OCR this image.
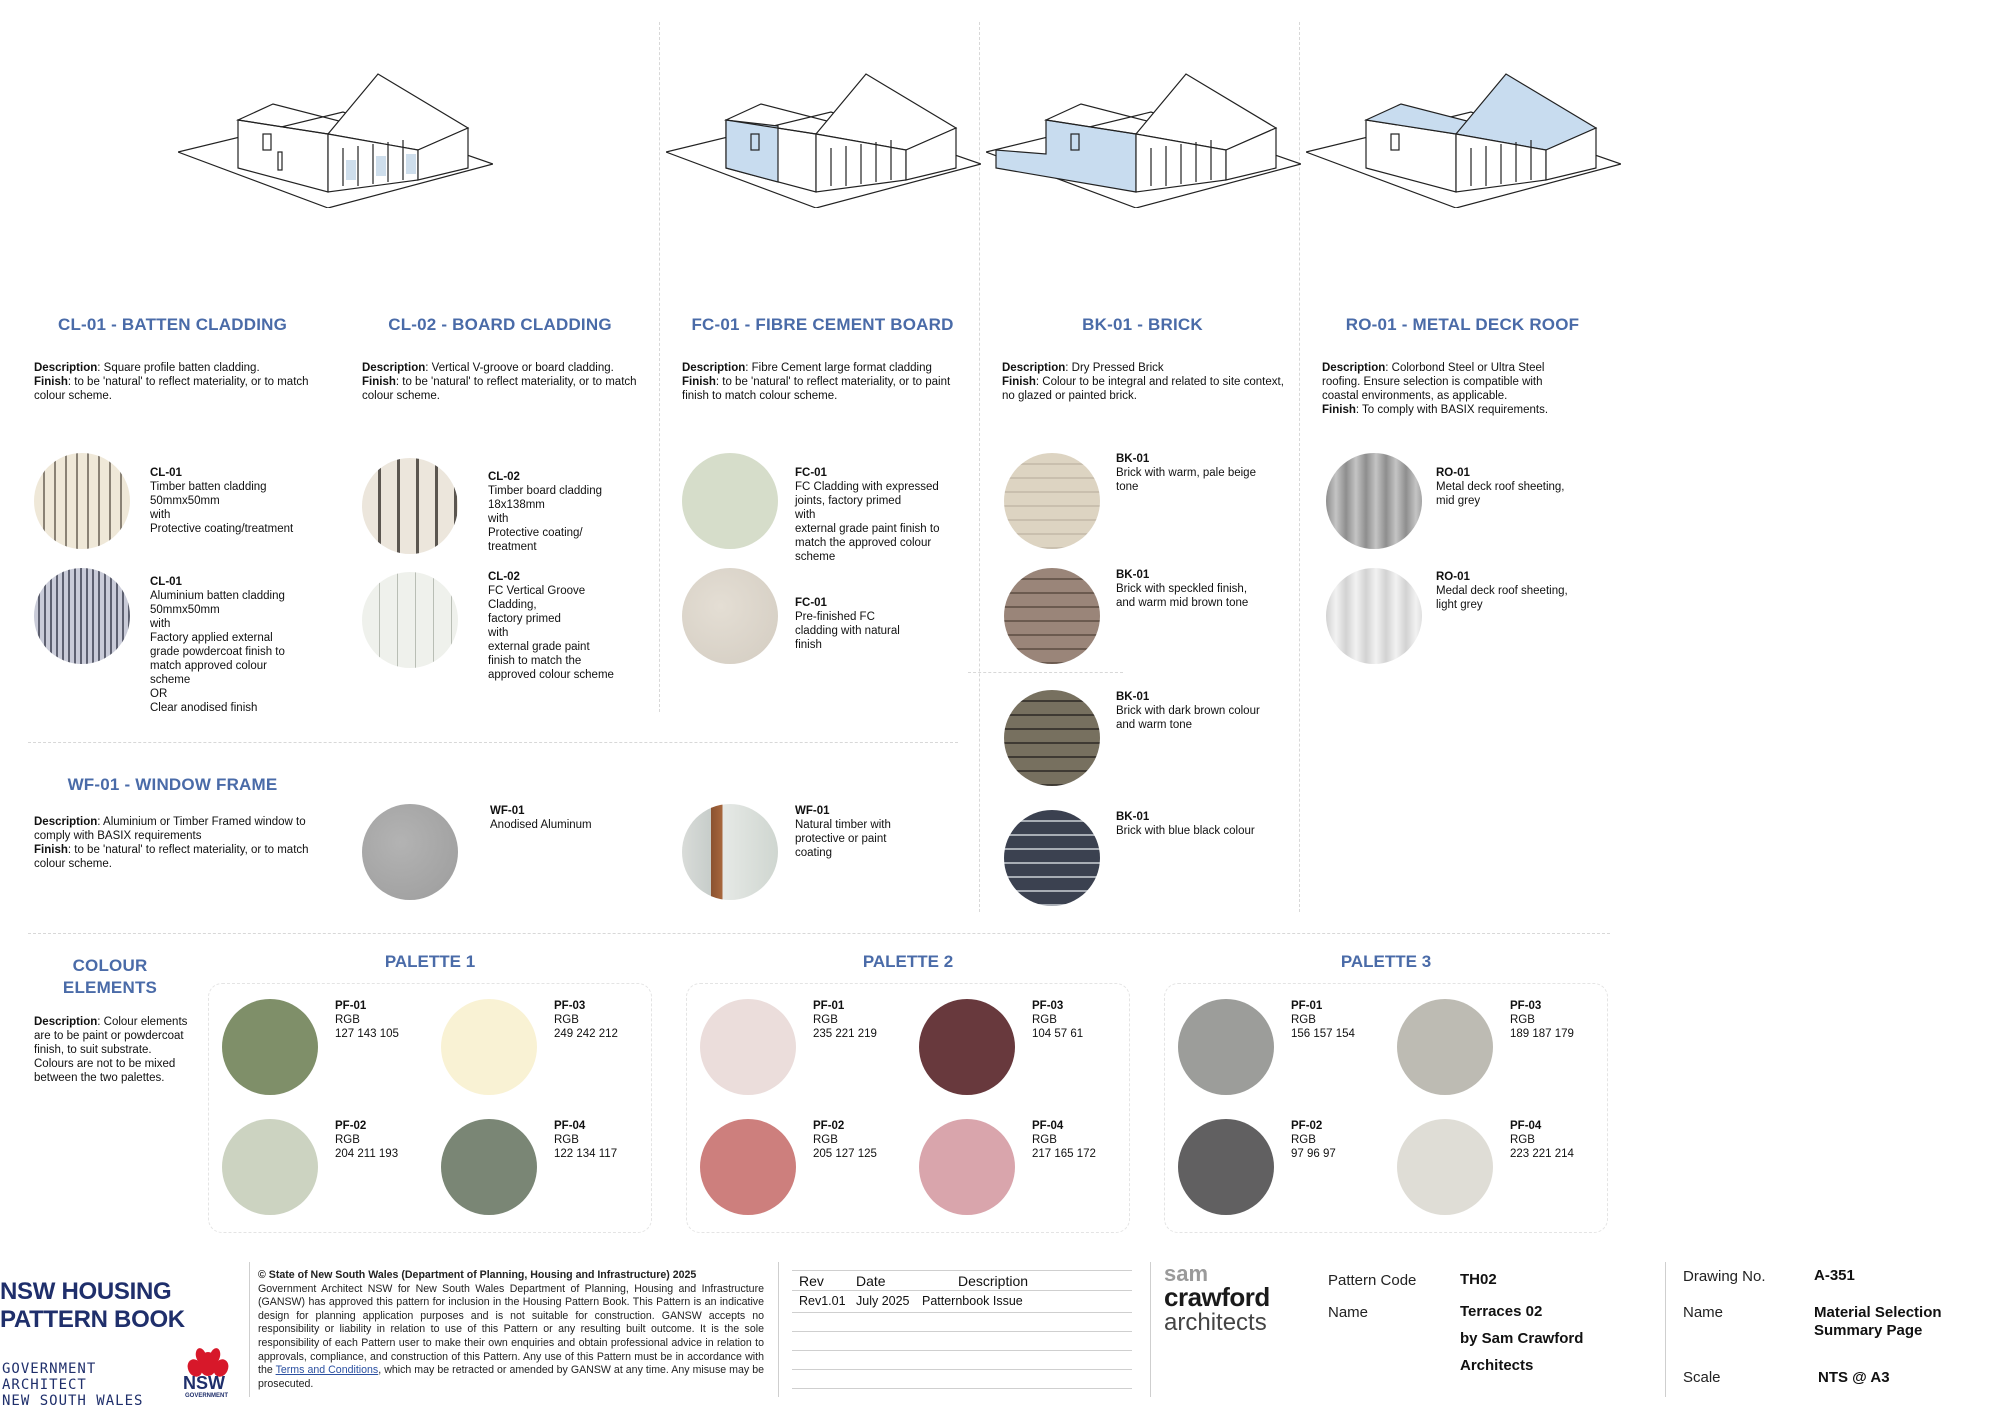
CL-01 - BATTEN CLADDING	CL-02 - BOARD CLADDING	FC-01 - FIBRE CEMENT BOARD	BK-01 - BRICK	RO-01 - METAL DECK ROOF
Description: Square profile batten cladding.
Finish: to be 'natural' to reflect materiality, or to match colour scheme.
Description: Vertical V-groove or board cladding.
Finish: to be 'natural' to reflect materiality, or to match colour scheme.
Description: Fibre Cement large format cladding
Finish: to be 'natural' to reflect materiality, or to paint finish to match colour scheme.
Description: Dry Pressed Brick
Finish: Colour to be integral and related to site context, no glazed or painted brick.
Description: Colorbond Steel or Ultra Steel roofing. Ensure selection is compatible with coastal environments, as applicable.
Finish: To comply with BASIX requirements.
CL-01
Timber batten cladding
50mmx50mm
with
Protective coating/treatment
CL-01
Aluminium batten cladding
50mmx50mm
with
Factory applied external
grade powdercoat finish to
match approved colour
scheme
OR
Clear anodised finish
CL-02
Timber board cladding
18x138mm
with
Protective coating/
treatment
CL-02
FC Vertical Groove
Cladding,
factory primed
with
external grade paint
finish to match the
approved colour scheme
FC-01
FC Cladding with expressed
joints, factory primed
with
external grade paint finish to
match the approved colour
scheme
FC-01
Pre-finished FC
cladding with natural
finish
BK-01
Brick with warm, pale beige
tone
BK-01
Brick with speckled finish,
and warm mid brown tone
BK-01
Brick with dark brown colour
and warm tone
BK-01
Brick with blue black colour
RO-01
Metal deck roof sheeting,
mid grey
RO-01
Medal deck roof sheeting,
light grey
WF-01 - WINDOW FRAME
Description: Aluminium or Timber Framed window to comply with BASIX requirements
Finish: to be 'natural' to reflect materiality, or to match colour scheme.
WF-01
Anodised Aluminum
WF-01
Natural timber with
protective or paint
coating
COLOUR
ELEMENTS
Description: Colour elements are to be paint or powdercoat finish, to suit substrate. Colours are not to be mixed between the two palettes.
PALETTE 1	PALETTE 2	PALETTE 3
PF-01
RGB
127 143 105
PF-03
RGB
249 242 212
PF-02
RGB
204 211 193
PF-04
RGB
122 134 117
PF-01
RGB
235 221 219
PF-03
RGB
104 57 61
PF-02
RGB
205 127 125
PF-04
RGB
217 165 172
PF-01
RGB
156 157 154
PF-03
RGB
189 187 179
PF-02
RGB
97 96 97
PF-04
RGB
223 221 214
NSW HOUSING
PATTERN BOOK
GOVERNMENT
ARCHITECT
NEW SOUTH WALES
NSW
GOVERNMENT
© State of New South Wales (Department of Planning, Housing and Infrastructure) 2025
Government Architect NSW for New South Wales Department of Planning, Housing and Infrastructure (GANSW) has approved this pattern for inclusion in the Housing Pattern Book. This Pattern is an indicative design for planning application purposes and is not suitable for construction. GANSW accepts no responsibility or liability in relation to use of this Pattern or any resulting built outcome. It is the sole responsibility of each Pattern user to make their own enquiries and obtain professional advice in relation to approvals, compliance, and construction of this Pattern. Any use of this Pattern must be in accordance with the Terms and Conditions, which may be retracted or amended by GANSW at any time. Any misuse may be prosecuted.
Rev Date	Description
Rev1.01 July 2025 Patternbook Issue
sam
crawford
architects
Pattern Code	TH02
Name	Terraces 02
by Sam Crawford
Architects
Drawing No.	A-351
Name	Material Selection
Summary Page
Scale	NTS @ A3
